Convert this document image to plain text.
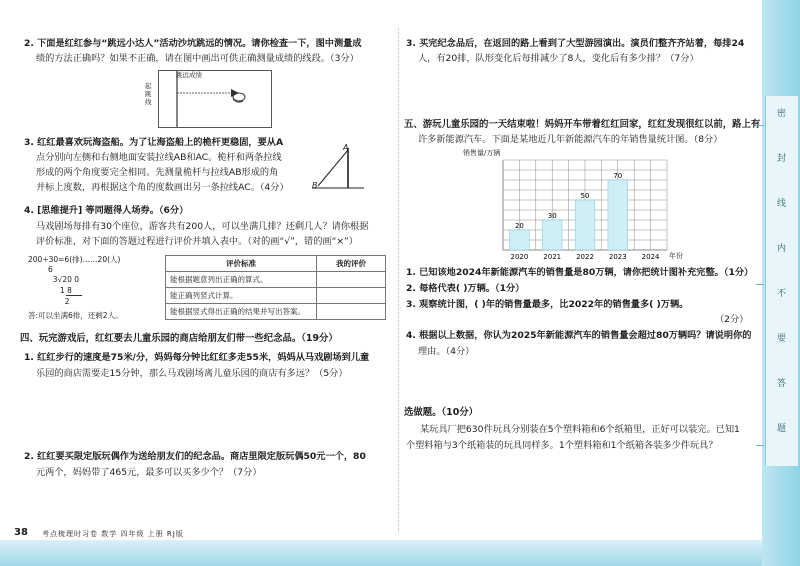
2. 下面是红红参与“跳远小达人”活动沙坑跳远的情况。请你检查一下，图中测量成
绩的方法正确吗？如果不正确，请在图中画出可供正确测量成绩的线段。（3分）
跳远成绩
起跳线
3. 红红最喜欢玩海盗船。为了让海盗船上的桅杆更稳固，要从A
点分别向左侧和右侧地面安装拉线AB和AC。桅杆和两条拉线
形成的两个角度要完全相同。先测量桅杆与拉线AB形成的角
并标上度数，再根据这个角的度数画出另一条拉线AC。（4分）
A
B
4. [思维提升] 等同题得人场券。（6分）
马戏剧场每排有30个座位，游客共有200人，可以坐满几排？还剩几人？请你根据
评价标准，对下面的答题过程进行评价并填入表中。（对的画“√”，错的画“×”）
200÷30=6(排)……20(人)
6
3√20 0
1 8
2
答:可以坐满6排，还剩2人。
评价标准	我的评价
能根据题意列出正确的算式。	
能正确列竖式计算。	
能根据竖式得出正确的结果并写出答案。	
四、玩完游戏后，红红要去儿童乐园的商店给朋友们带一些纪念品。（19分）
1. 红红步行的速度是75米/分，妈妈每分钟比红红多走55米，妈妈从马戏剧场到儿童
乐园的商店需要走15分钟，那么马戏剧场离儿童乐园的商店有多远？（5分）
2. 红红要买限定版玩偶作为送给朋友们的纪念品。商店里限定版玩偶50元一个，80
元两个，妈妈带了465元，最多可以买多少个？（7分）
3. 买完纪念品后，在返回的路上看到了大型游园演出。演员们整齐齐站着，每排24
人，有20排，队形变化后每排减少了8人，变化后有多少排？（7分）
五、游玩儿童乐园的一天结束啦！妈妈开车带着红红回家，红红发现很红以前，路上有
许多新能源汽车。下面是某地近几年新能源汽车的年销售量统计图。（8分）
销售量/万辆
年份
20
2020
30
2021
50
2022
70
2023 2024
1. 已知该地2024年新能源汽车的销售量是80万辆，请你把统计图补充完整。（1分）
2. 每格代表( )万辆。（1分）
3. 观察统计图，( )年的销售量最多，比2022年的销售量多( )万辆。
（2分）
4. 根据以上数据，你认为2025年新能源汽车的销售量会超过80万辆吗？请说明你的
理由。（4分）
选做题。（10分）
某玩具厂把630件玩具分别装在5个塑料箱和6个纸箱里，正好可以装完。已知1
个塑料箱与3个纸箱装的玩具同样多。1个塑料箱和1个纸箱各装多少件玩具？
密
封
线
内
不
要
答
题
38 考点梳理时习卷 数学 四年级 上册 RJ版
